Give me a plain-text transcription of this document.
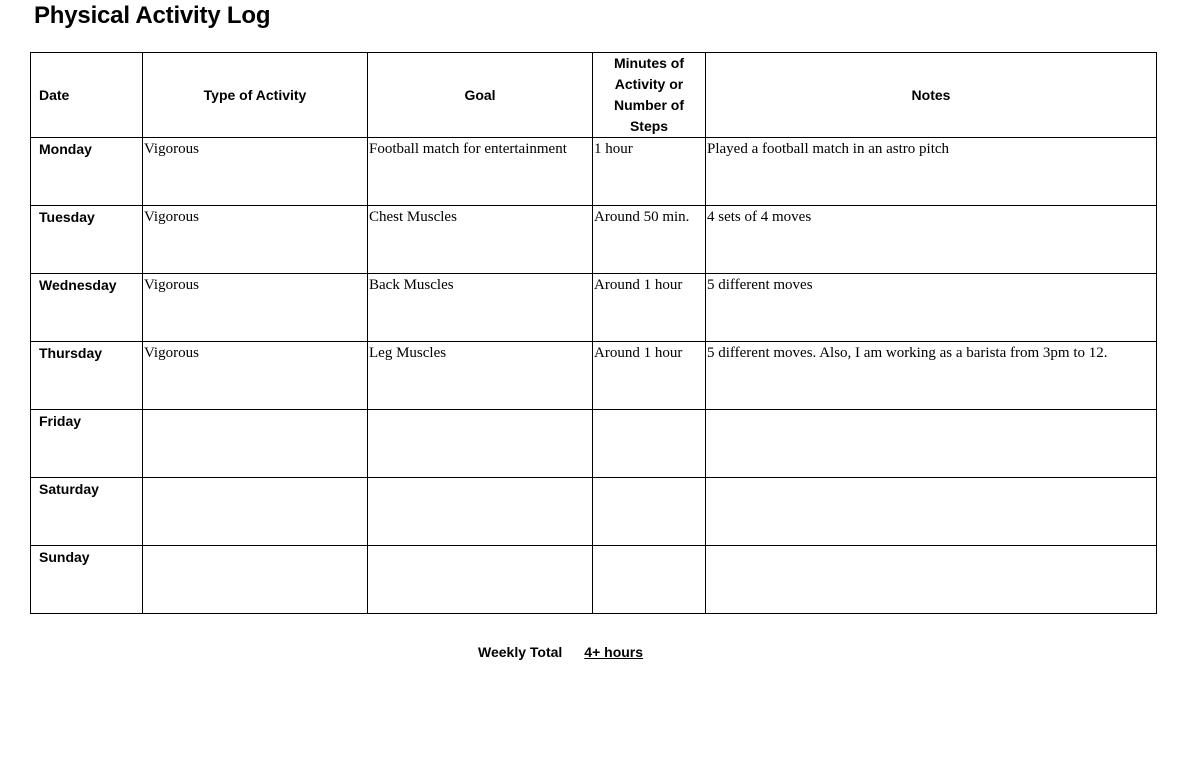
Physical Activity Log
Date	Type of Activity	Goal	Minutes of Activity or Number of Steps	Notes

Monday	Vigorous	Football match for entertainment	1 hour	Played a football match in an astro pitch

Tuesday	Vigorous	Chest Muscles	Around 50 min.	4 sets of 4 moves

Wednesday	Vigorous	Back Muscles	Around 1 hour	5 different moves

Thursday	Vigorous	Leg Muscles	Around 1 hour	5 different moves. Also, I am working as a barista from 3pm to 12.

Friday				

Saturday				

Sunday				

Weekly Total 4+ hours
